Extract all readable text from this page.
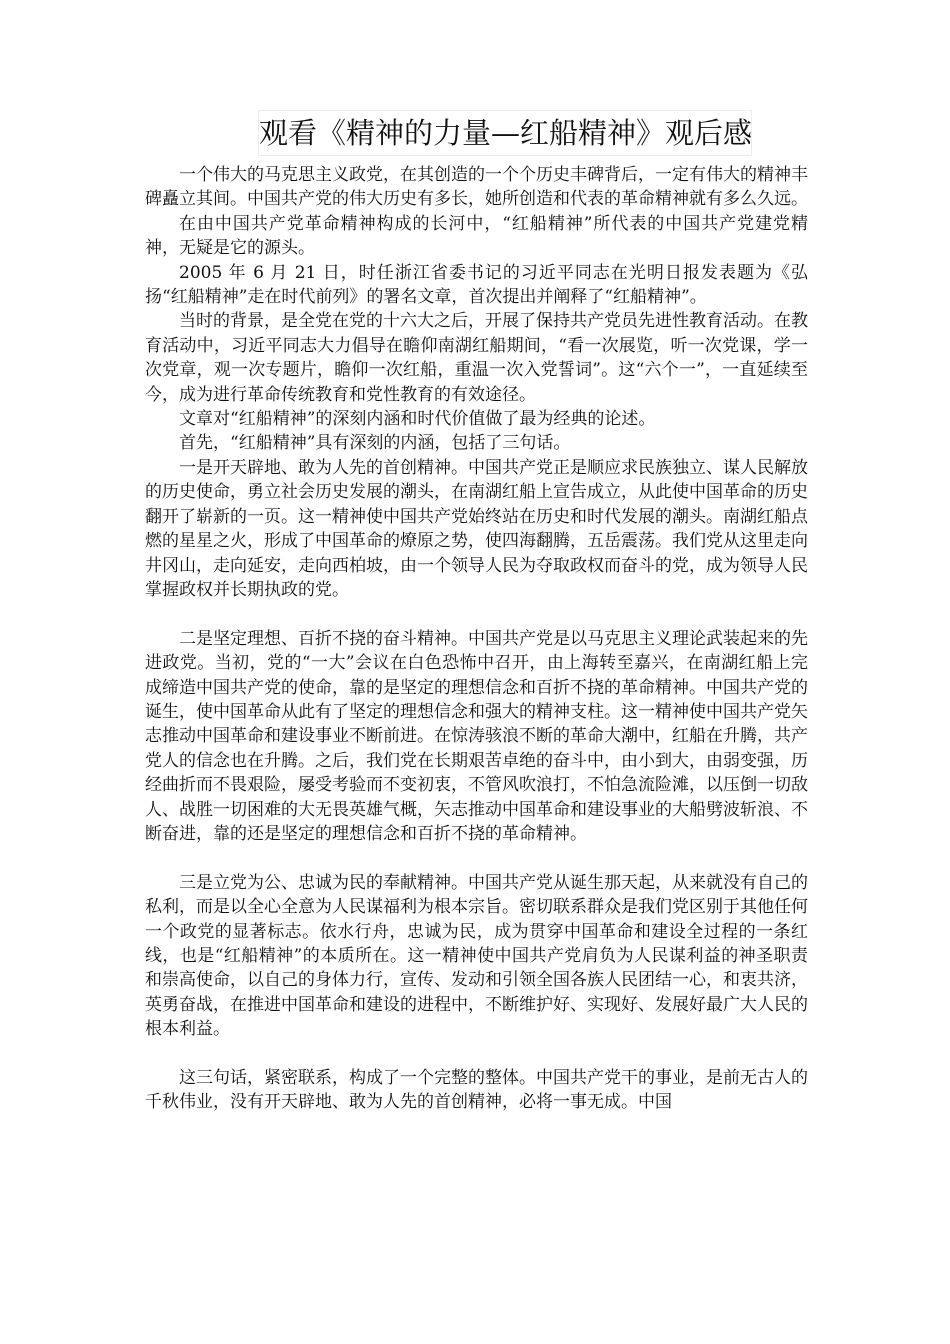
观看《精神的力量—红船精神》观后感

一个伟大的马克思主义政党，在其创造的一个个历史丰碑背后，一定有伟大的精神丰碑矗立其间。中国共产党的伟大历史有多长，她所创造和代表的革命精神就有多么久远。

在由中国共产党革命精神构成的长河中，“红船精神”所代表的中国共产党建党精神，无疑是它的源头。

2005 年 6 月 21 日，时任浙江省委书记的习近平同志在光明日报发表题为《弘扬“红船精神”走在时代前列》的署名文章，首次提出并阐释了“红船精神”。

当时的背景，是全党在党的十六大之后，开展了保持共产党员先进性教育活动。在教育活动中，习近平同志大力倡导在瞻仰南湖红船期间，“看一次展览，听一次党课，学一次党章，观一次专题片，瞻仰一次红船，重温一次入党誓词”。这“六个一”，一直延续至今，成为进行革命传统教育和党性教育的有效途径。

文章对“红船精神”的深刻内涵和时代价值做了最为经典的论述。

首先，“红船精神”具有深刻的内涵，包括了三句话。

一是开天辟地、敢为人先的首创精神。中国共产党正是顺应求民族独立、谋人民解放的历史使命，勇立社会历史发展的潮头，在南湖红船上宣告成立，从此使中国革命的历史翻开了崭新的一页。这一精神使中国共产党始终站在历史和时代发展的潮头。南湖红船点燃的星星之火，形成了中国革命的燎原之势，使四海翻腾，五岳震荡。我们党从这里走向井冈山，走向延安，走向西柏坡，由一个领导人民为夺取政权而奋斗的党，成为领导人民掌握政权并长期执政的党。

二是坚定理想、百折不挠的奋斗精神。中国共产党是以马克思主义理论武装起来的先进政党。当初，党的“一大”会议在白色恐怖中召开，由上海转至嘉兴，在南湖红船上完成缔造中国共产党的使命，靠的是坚定的理想信念和百折不挠的革命精神。中国共产党的诞生，使中国革命从此有了坚定的理想信念和强大的精神支柱。这一精神使中国共产党矢志推动中国革命和建设事业不断前进。在惊涛骇浪不断的革命大潮中，红船在升腾，共产党人的信念也在升腾。之后，我们党在长期艰苦卓绝的奋斗中，由小到大，由弱变强，历经曲折而不畏艰险，屡受考验而不变初衷，不管风吹浪打，不怕急流险滩，以压倒一切敌人、战胜一切困难的大无畏英雄气概，矢志推动中国革命和建设事业的大船劈波斩浪、不断奋进，靠的还是坚定的理想信念和百折不挠的革命精神。

三是立党为公、忠诚为民的奉献精神。中国共产党从诞生那天起，从来就没有自己的私利，而是以全心全意为人民谋福利为根本宗旨。密切联系群众是我们党区别于其他任何一个政党的显著标志。依水行舟，忠诚为民，成为贯穿中国革命和建设全过程的一条红线，也是“红船精神”的本质所在。这一精神使中国共产党肩负为人民谋利益的神圣职责和崇高使命，以自己的身体力行，宣传、发动和引领全国各族人民团结一心，和衷共济，英勇奋战，在推进中国革命和建设的进程中，不断维护好、实现好、发展好最广大人民的根本利益。

这三句话，紧密联系，构成了一个完整的整体。中国共产党干的事业，是前无古人的千秋伟业，没有开天辟地、敢为人先的首创精神，必将一事无成。中国
